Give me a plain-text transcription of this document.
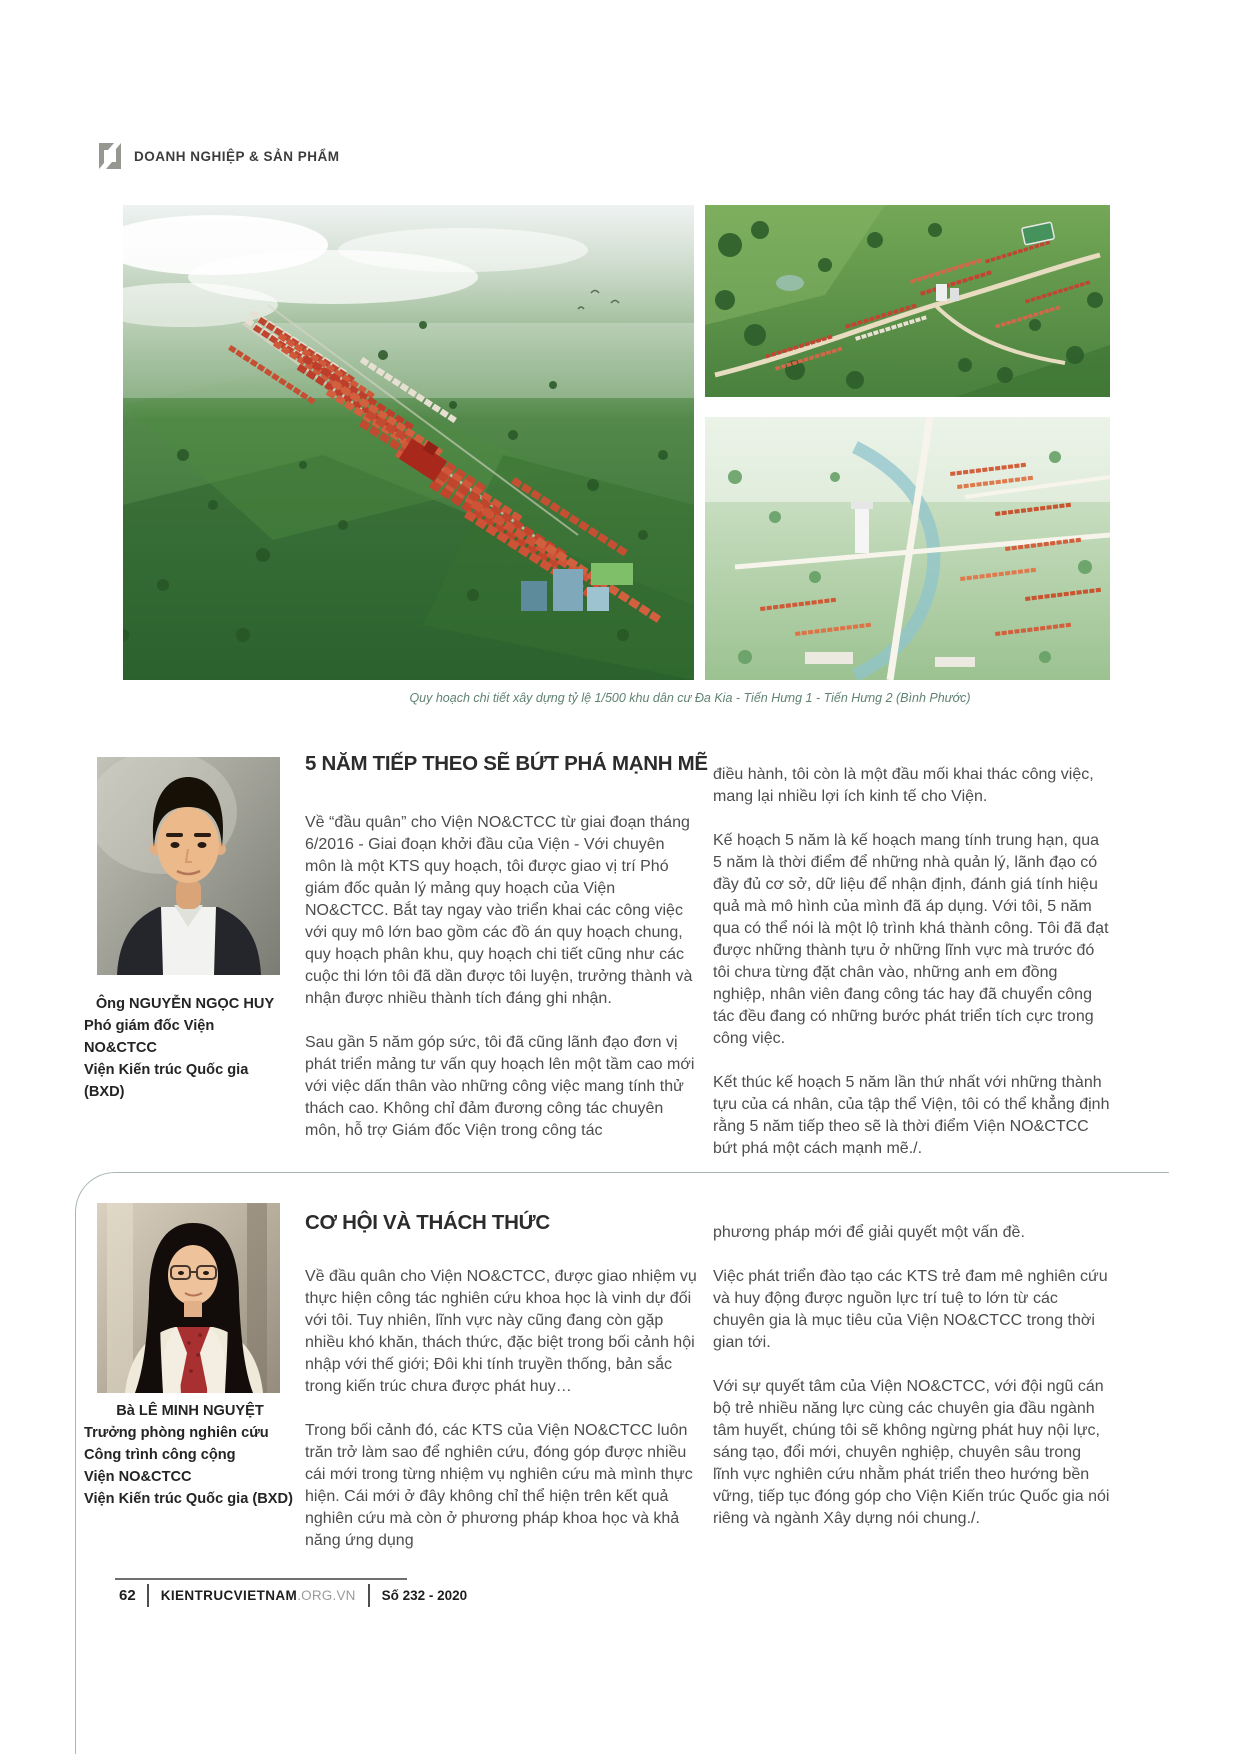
DOANH NGHIỆP & SẢN PHẨM
Quy hoạch chi tiết xây dựng tỷ lệ 1/500 khu dân cư Đa Kia - Tiến Hưng 1 - Tiến Hưng 2 (Bình Phước)
Ông NGUYỄN NGỌC HUY
Phó giám đốc Viện NO&CTCC
Viện Kiến trúc Quốc gia (BXD)
5 NĂM TIẾP THEO SẼ BỨT PHÁ MẠNH MẼ

Về “đầu quân” cho Viện NO&CTCC từ giai đoạn tháng 6/2016 - Giai đoạn khởi đầu của Viện - Với chuyên môn là một KTS quy hoạch, tôi được giao vị trí Phó giám đốc quản lý mảng quy hoạch của Viện NO&CTCC. Bắt tay ngay vào triển khai các công việc với quy mô lớn bao gồm các đồ án quy hoạch chung, quy hoạch phân khu, quy hoạch chi tiết cũng như các cuộc thi lớn tôi đã dần được tôi luyện, trưởng thành và nhận được nhiều thành tích đáng ghi nhận.

Sau gần 5 năm góp sức, tôi đã cũng lãnh đạo đơn vị phát triển mảng tư vấn quy hoạch lên một tầm cao mới với việc dấn thân vào những công việc mang tính thử thách cao. Không chỉ đảm đương công tác chuyên môn, hỗ trợ Giám đốc Viện trong công tác

điều hành, tôi còn là một đầu mối khai thác công việc, mang lại nhiều lợi ích kinh tế cho Viện.

Kế hoạch 5 năm là kế hoạch mang tính trung hạn, qua 5 năm là thời điểm để những nhà quản lý, lãnh đạo có đầy đủ cơ sở, dữ liệu để nhận định, đánh giá tính hiệu quả mà mô hình của mình đã áp dụng. Với tôi, 5 năm qua có thể nói là một lộ trình khá thành công. Tôi đã đạt được những thành tựu ở những lĩnh vực mà trước đó tôi chưa từng đặt chân vào, những anh em đồng nghiệp, nhân viên đang công tác hay đã chuyển công tác đều đang có những bước phát triển tích cực trong công việc.

Kết thúc kế hoạch 5 năm lần thứ nhất với những thành tựu của cá nhân, của tập thể Viện, tôi có thể khẳng định rằng 5 năm tiếp theo sẽ là thời điểm Viện NO&CTCC bứt phá một cách mạnh mẽ./.

Bà LÊ MINH NGUYỆT
Trưởng phòng nghiên cứu
Công trình công cộng
Viện NO&CTCC
Viện Kiến trúc Quốc gia (BXD)
CƠ HỘI VÀ THÁCH THỨC

Về đầu quân cho Viện NO&CTCC, được giao nhiệm vụ thực hiện công tác nghiên cứu khoa học là vinh dự đối với tôi. Tuy nhiên, lĩnh vực này cũng đang còn gặp nhiều khó khăn, thách thức, đặc biệt trong bối cảnh hội nhập với thế giới; Đôi khi tính truyền thống, bản sắc trong kiến trúc chưa được phát huy…

Trong bối cảnh đó, các KTS của Viện NO&CTCC luôn trăn trở làm sao để nghiên cứu, đóng góp được nhiều cái mới trong từng nhiệm vụ nghiên cứu mà mình thực hiện. Cái mới ở đây không chỉ thể hiện trên kết quả nghiên cứu mà còn ở phương pháp khoa học và khả năng ứng dụng

phương pháp mới để giải quyết một vấn đề.

Việc phát triển đào tạo các KTS trẻ đam mê nghiên cứu và huy động được nguồn lực trí tuệ to lớn từ các chuyên gia là mục tiêu của Viện NO&CTCC trong thời gian tới.

Với sự quyết tâm của Viện NO&CTCC, với đội ngũ cán bộ trẻ nhiều năng lực cùng các chuyên gia đầu ngành tâm huyết, chúng tôi sẽ không ngừng phát huy nội lực, sáng tạo, đổi mới, chuyên nghiệp, chuyên sâu trong lĩnh vực nghiên cứu nhằm phát triển theo hướng bền vững, tiếp tục đóng góp cho Viện Kiến trúc Quốc gia nói riêng và ngành Xây dựng nói chung./.

62	KIENTRUCVIETNAM.ORG.VN	Số 232 - 2020
